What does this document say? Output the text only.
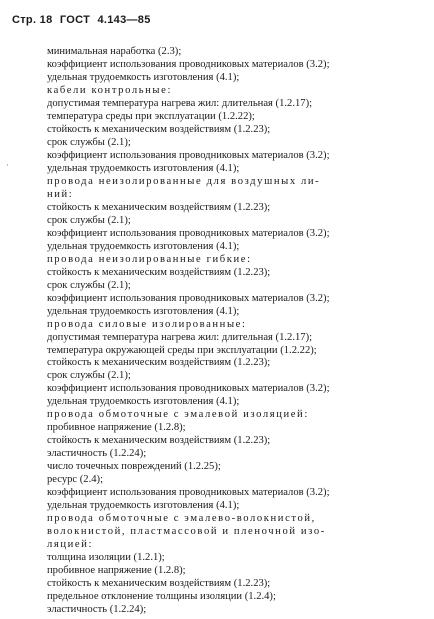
Стр. 18 ГОСТ 4.143—85
·
минимальная наработка (2.3);
коэффициент использования проводниковых материалов (3.2);
удельная трудоемкость изготовления (4.1);
кабели контрольные:
допустимая температура нагрева жил: длительная (1.2.17);
температура среды при эксплуатации (1.2.22);
стойкость к механическим воздействиям (1.2.23);
срок службы (2.1);
коэффициент использования проводниковых материалов (3.2);
удельная трудоемкость изготовления (4.1);
провода неизолированные для воздушных ли-
ний:
стойкость к механическим воздействиям (1.2.23);
срок службы (2.1);
коэффициент использования проводниковых материалов (3.2);
удельная трудоемкость изготовления (4.1);
провода неизолированные гибкие:
стойкость к механическим воздействиям (1.2.23);
срок службы (2.1);
коэффициент использования проводниковых материалов (3.2);
удельная трудоемкость изготовления (4.1);
провода силовые изолированные:
допустимая температура нагрева жил: длительная (1.2.17);
температура окружающей среды при эксплуатации (1.2.22);
стойкость к механическим воздействиям (1.2.23);
срок службы (2.1);
коэффициент использования проводниковых материалов (3.2);
удельная трудоемкость изготовления (4.1);
провода обмоточные с эмалевой изоляцией:
пробивное напряжение (1.2.8);
стойкость к механическим воздействиям (1.2.23);
эластичность (1.2.24);
число точечных повреждений (1.2.25);
ресурс (2.4);
коэффициент использования проводниковых материалов (3.2);
удельная трудоемкость изготовления (4.1);
провода обмоточные с эмалево-волокнистой,
волокнистой, пластмассовой и пленочной изо-
ляцией:
толщина изоляции (1.2.1);
пробивное напряжение (1.2.8);
стойкость к механическим воздействиям (1.2.23);
предельное отклонение толщины изоляции (1.2.4);
эластичность (1.2.24);
